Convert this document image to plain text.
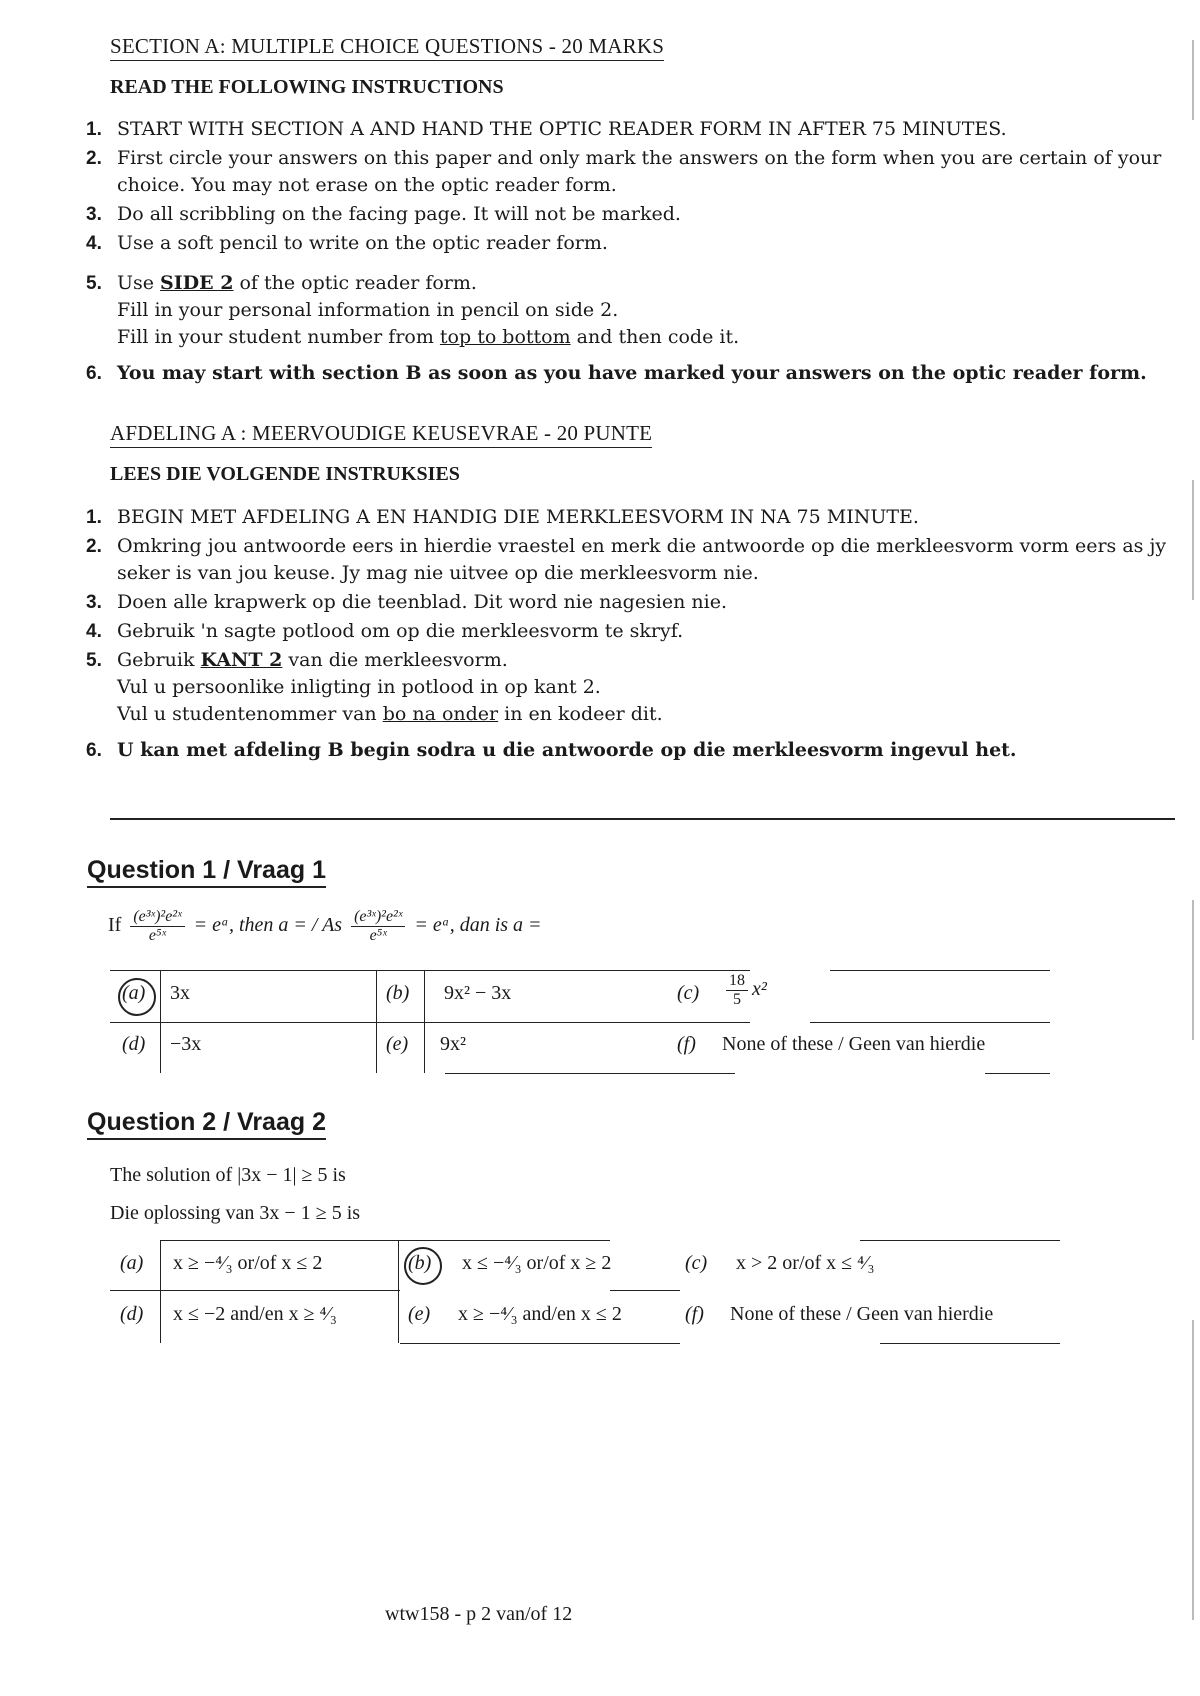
SECTION A: MULTIPLE CHOICE QUESTIONS - 20 MARKS
READ THE FOLLOWING INSTRUCTIONS
1. START WITH SECTION A AND HAND THE OPTIC READER FORM IN AFTER 75 MINUTES.
2. First circle your answers on this paper and only mark the answers on the form when you are certain of your
choice. You may not erase on the optic reader form.
3. Do all scribbling on the facing page. It will not be marked.
4. Use a soft pencil to write on the optic reader form.
5. Use SIDE 2 of the optic reader form.
Fill in your personal information in pencil on side 2.
Fill in your student number from top to bottom and then code it.
6. You may start with section B as soon as you have marked your answers on the optic reader form.
AFDELING A : MEERVOUDIGE KEUSEVRAE - 20 PUNTE
LEES DIE VOLGENDE INSTRUKSIES
1. BEGIN MET AFDELING A EN HANDIG DIE MERKLEESVORM IN NA 75 MINUTE.
2. Omkring jou antwoorde eers in hierdie vraestel en merk die antwoorde op die merkleesvorm vorm eers as jy
seker is van jou keuse. Jy mag nie uitvee op die merkleesvorm nie.
3. Doen alle krapwerk op die teenblad. Dit word nie nagesien nie.
4. Gebruik 'n sagte potlood om op die merkleesvorm te skryf.
5. Gebruik KANT 2 van die merkleesvorm.
Vul u persoonlike inligting in potlood in op kant 2.
Vul u studentenommer van bo na onder in en kodeer dit.
6. U kan met afdeling B begin sodra u die antwoorde op die merkleesvorm ingevul het.
Question 1 / Vraag 1
If $\frac{\text{(e³ˣ)²e²ˣ}}{\text{e⁵ˣ}}$ = eᵃ, then a = / As $\frac{\text{(e³ˣ)²e²ˣ}}{\text{e⁵ˣ}}$ = eᵃ, dan is a =
(a) 3x	(b) 9x² − 3x	$(c) \frac{18}{5} x^2$
(d) −3x	(e) 9x²	(f) None of these / Geen van hierdie
Question 2 / Vraag 2
The solution of |3x − 1| ≥ 5 is
Die oplossing van 3x − 1 ≥ 5 is
(a) x ≥ −⁴⁄₃ or/of x ≤ 2	(b) x ≤ −⁴⁄₃ or/of x ≥ 2	(c) x > 2 or/of x ≤ ⁴⁄₃
(d) x ≤ −2 and/en x ≥ ⁴⁄₃	(e) x ≥ −⁴⁄₃ and/en x ≤ 2	(f) None of these / Geen van hierdie
wtw158 - p 2 van/of 12
